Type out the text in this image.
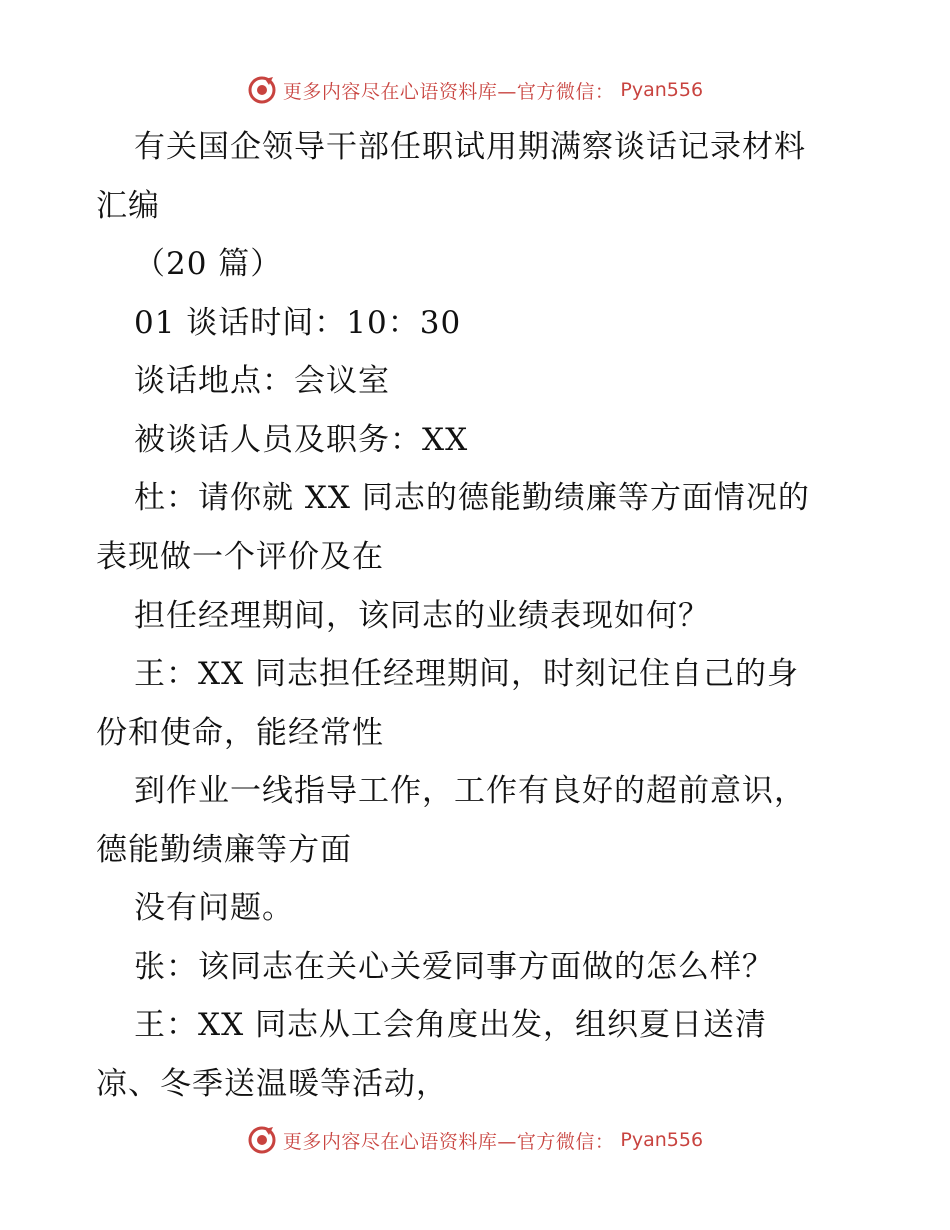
更多内容尽在心语资料库—官方微信： Pyan556
有关国企领导干部任职试用期满察谈话记录材料
汇编
（20 篇）
01 谈话时间：10：30
谈话地点：会议室
被谈话人员及职务：XX
杜：请你就 XX 同志的德能勤绩廉等方面情况的
表现做一个评价及在
担任经理期间，该同志的业绩表现如何？
王：XX 同志担任经理期间，时刻记住自己的身
份和使命，能经常性
到作业一线指导工作，工作有良好的超前意识，
德能勤绩廉等方面
没有问题。
张：该同志在关心关爱同事方面做的怎么样？
王：XX 同志从工会角度出发，组织夏日送清
凉、冬季送温暖等活动，
更多内容尽在心语资料库—官方微信： Pyan556
